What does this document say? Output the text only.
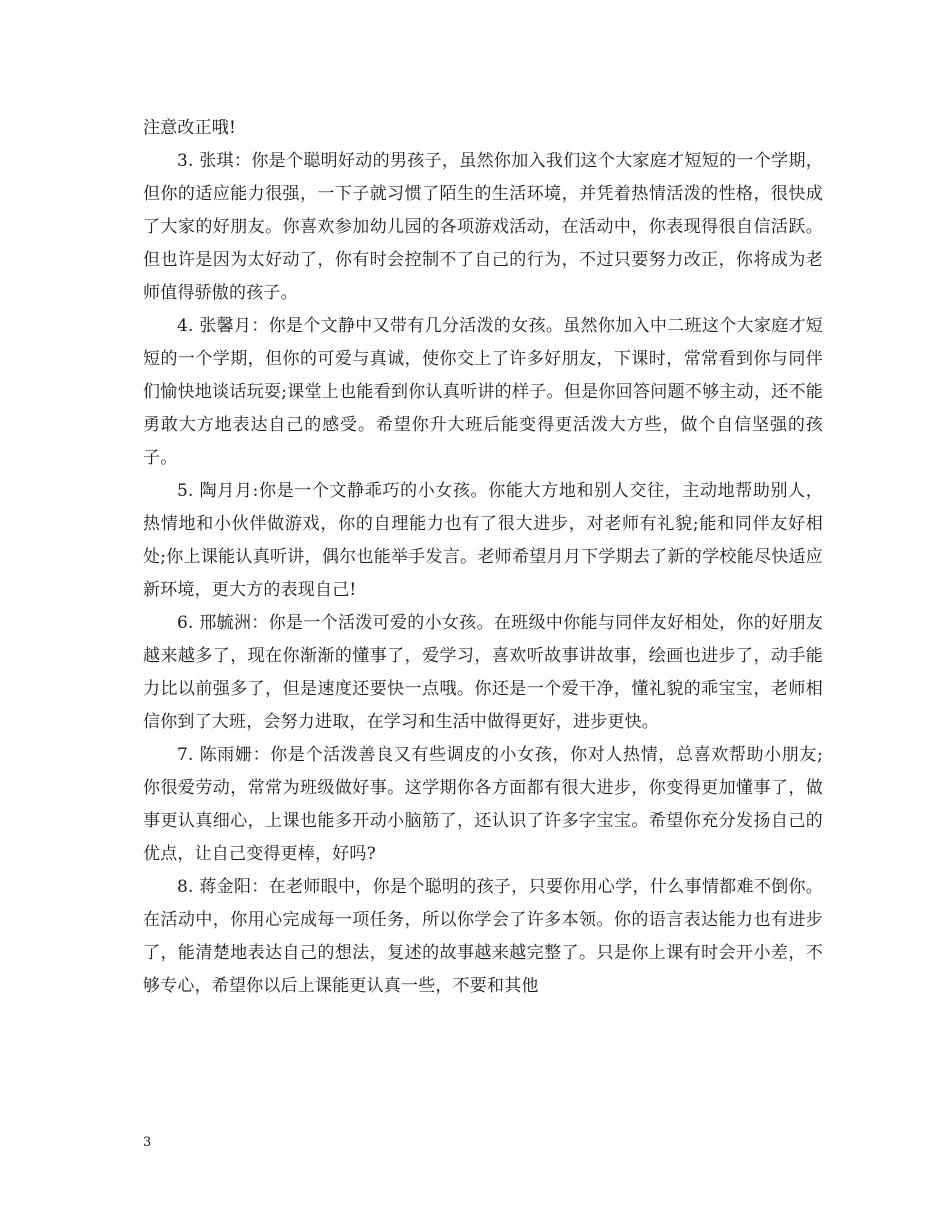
注意改正哦!

3. 张琪：你是个聪明好动的男孩子，虽然你加入我们这个大家庭才短短的一个学期，但你的适应能力很强，一下子就习惯了陌生的生活环境，并凭着热情活泼的性格，很快成了大家的好朋友。你喜欢参加幼儿园的各项游戏活动，在活动中，你表现得很自信活跃。但也许是因为太好动了，你有时会控制不了自己的行为，不过只要努力改正，你将成为老师值得骄傲的孩子。

4. 张馨月：你是个文静中又带有几分活泼的女孩。虽然你加入中二班这个大家庭才短短的一个学期，但你的可爱与真诚，使你交上了许多好朋友，下课时，常常看到你与同伴们愉快地谈话玩耍;课堂上也能看到你认真听讲的样子。但是你回答问题不够主动，还不能勇敢大方地表达自己的感受。希望你升大班后能变得更活泼大方些，做个自信坚强的孩子。

5. 陶月月:你是一个文静乖巧的小女孩。你能大方地和别人交往，主动地帮助别人，热情地和小伙伴做游戏，你的自理能力也有了很大进步，对老师有礼貌;能和同伴友好相处;你上课能认真听讲，偶尔也能举手发言。老师希望月月下学期去了新的学校能尽快适应新环境，更大方的表现自己!

6. 邢毓洲：你是一个活泼可爱的小女孩。在班级中你能与同伴友好相处，你的好朋友越来越多了，现在你渐渐的懂事了，爱学习，喜欢听故事讲故事，绘画也进步了，动手能力比以前强多了，但是速度还要快一点哦。你还是一个爱干净，懂礼貌的乖宝宝，老师相信你到了大班，会努力进取，在学习和生活中做得更好，进步更快。

7. 陈雨姗：你是个活泼善良又有些调皮的小女孩，你对人热情，总喜欢帮助小朋友;你很爱劳动，常常为班级做好事。这学期你各方面都有很大进步，你变得更加懂事了，做事更认真细心，上课也能多开动小脑筋了，还认识了许多字宝宝。希望你充分发扬自己的优点，让自己变得更棒，好吗?

8. 蒋金阳：在老师眼中，你是个聪明的孩子，只要你用心学，什么事情都难不倒你。在活动中，你用心完成每一项任务，所以你学会了许多本领。你的语言表达能力也有进步了，能清楚地表达自己的想法，复述的故事越来越完整了。只是你上课有时会开小差，不够专心，希望你以后上课能更认真一些，不要和其他

3
